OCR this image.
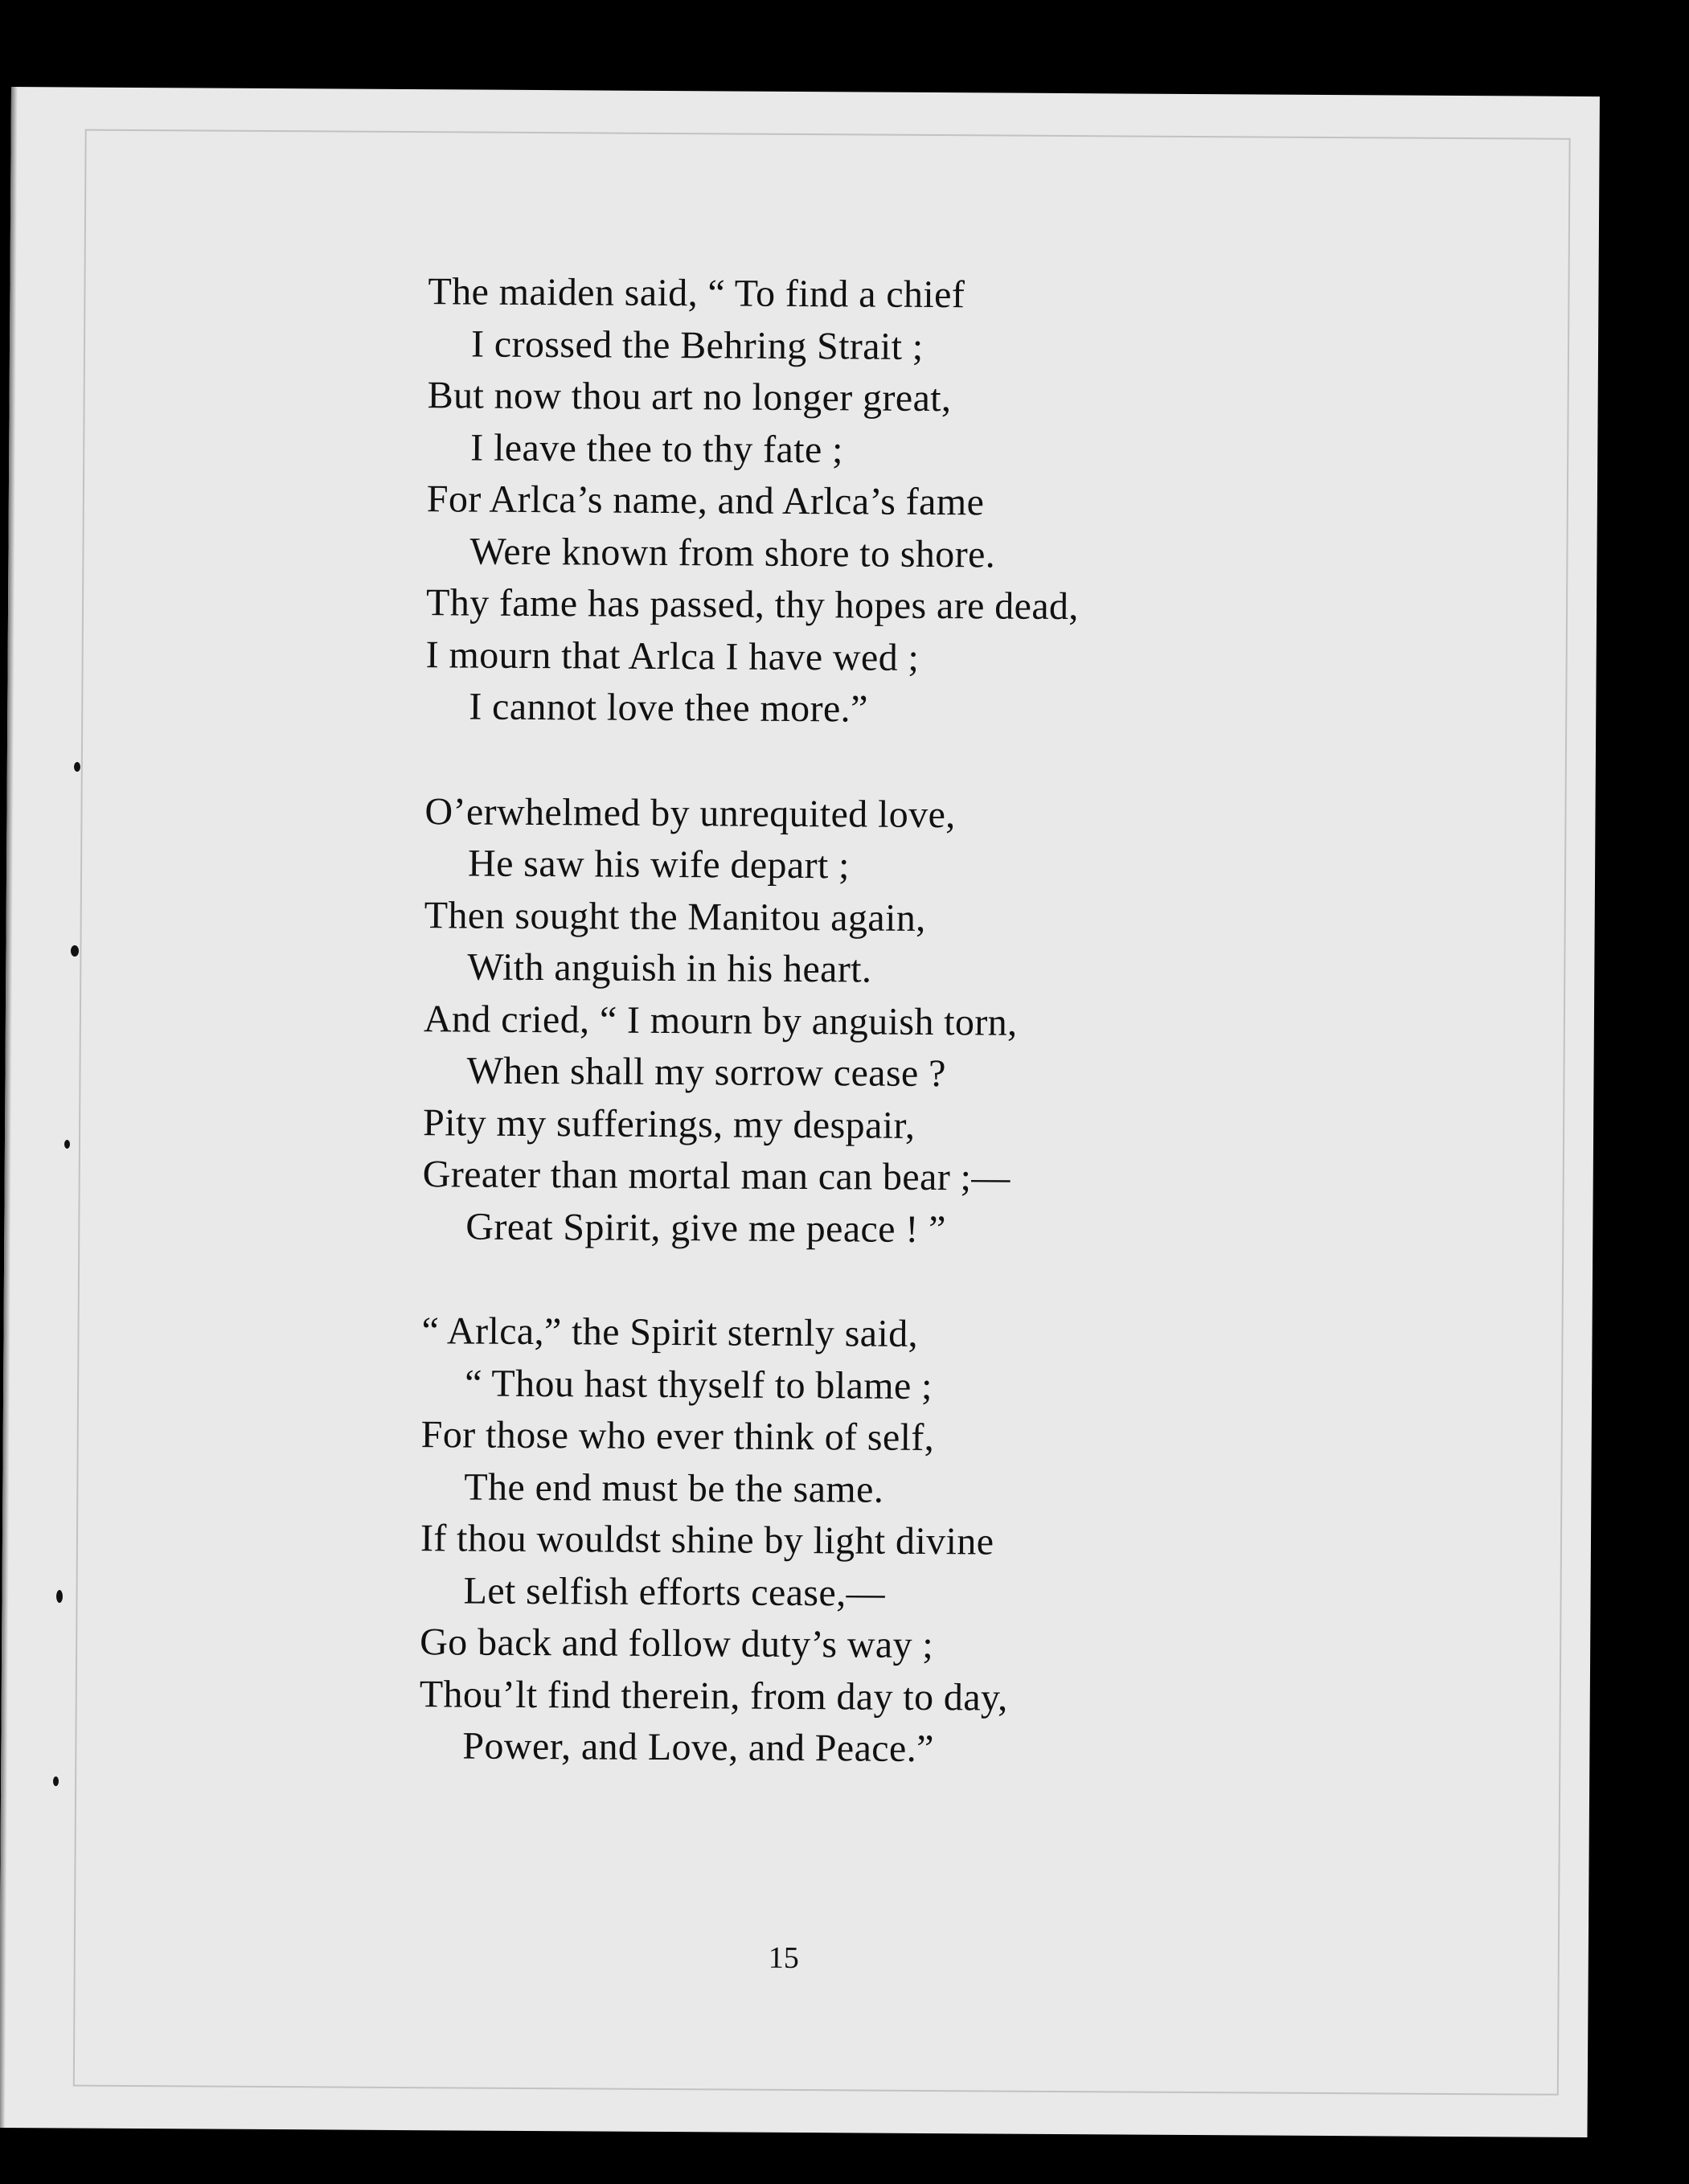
The maiden said, “ To find a chief
I crossed the Behring Strait ;
But now thou art no longer great,
I leave thee to thy fate ;
For Arlca’s name, and Arlca’s fame
Were known from shore to shore.
Thy fame has passed, thy hopes are dead,
I mourn that Arlca I have wed ;
I cannot love thee more.”
O’erwhelmed by unrequited love,
He saw his wife depart ;
Then sought the Manitou again,
With anguish in his heart.
And cried, “ I mourn by anguish torn,
When shall my sorrow cease ?
Pity my sufferings, my despair,
Greater than mortal man can bear ;—
Great Spirit, give me peace ! ”
“ Arlca,” the Spirit sternly said,
“ Thou hast thyself to blame ;
For those who ever think of self,
The end must be the same.
If thou wouldst shine by light divine
Let selfish efforts cease,—
Go back and follow duty’s way ;
Thou’lt find therein, from day to day,
Power, and Love, and Peace.”
15
